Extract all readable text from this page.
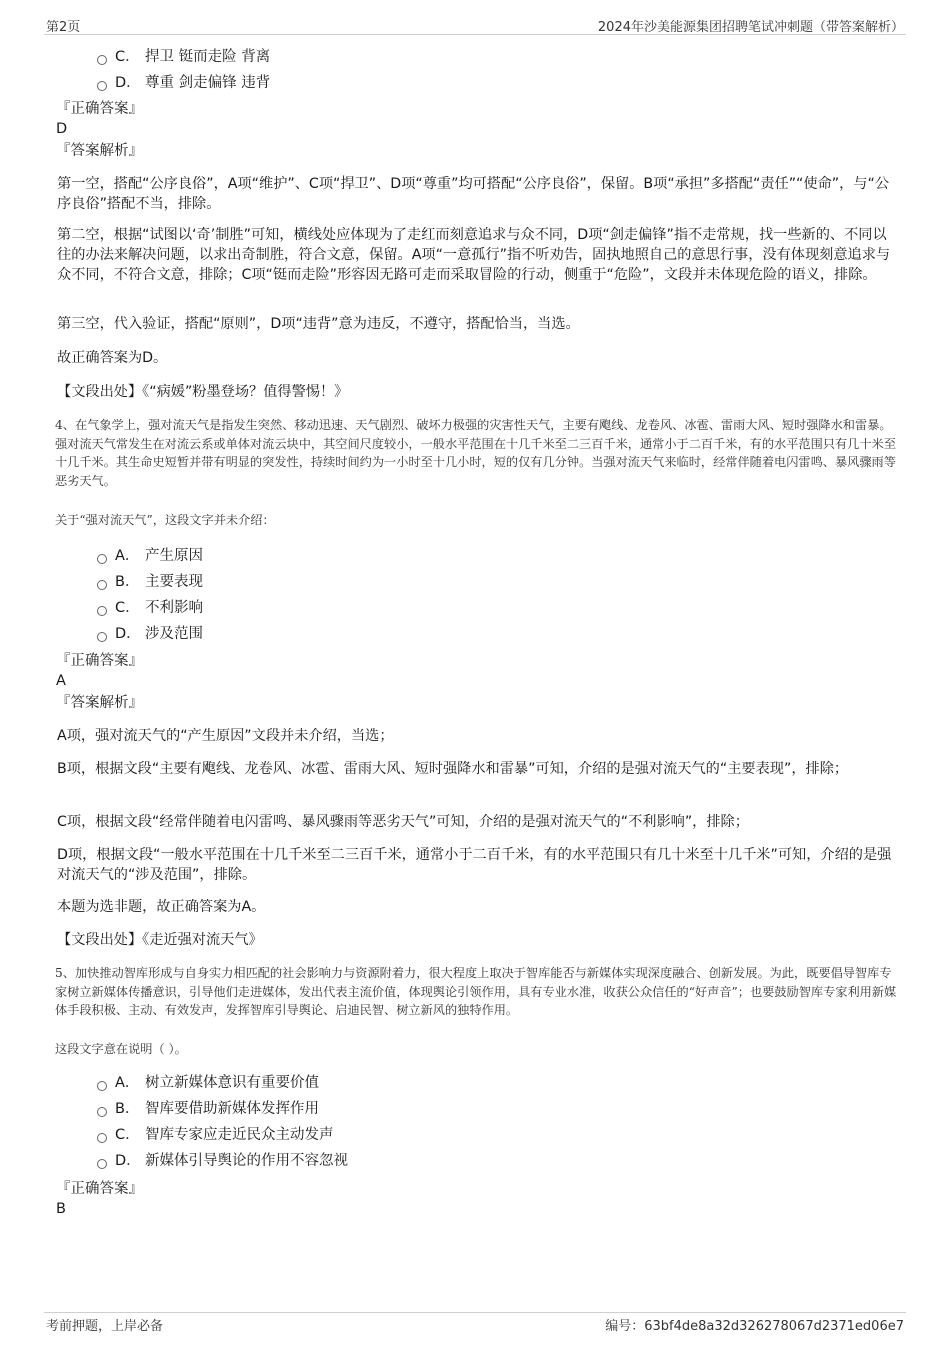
第2页	2024年沙美能源集团招聘笔试冲刺题（带答案解析）
C． 捍卫 铤而走险 背离
D． 尊重 剑走偏锋 违背
『正确答案』
D
『答案解析』
第一空，搭配“公序良俗”，A项“维护”、C项“捍卫”、D项“尊重”均可搭配“公序良俗”，保留。B项“承担”多搭配“责任”“使命”，与“公序良俗”搭配不当，排除。
第二空，根据“试图以‘奇’制胜”可知，横线处应体现为了走红而刻意追求与众不同，D项“剑走偏锋”指不走常规，找一些新的、不同以往的办法来解决问题，以求出奇制胜，符合文意，保留。A项“一意孤行”指不听劝告，固执地照自己的意思行事，没有体现刻意追求与众不同，不符合文意，排除；C项“铤而走险”形容因无路可走而采取冒险的行动，侧重于“危险”，文段并未体现危险的语义，排除。
第三空，代入验证，搭配“原则”，D项“违背”意为违反，不遵守，搭配恰当，当选。
故正确答案为D。
【文段出处】《“病媛”粉墨登场？值得警惕！》
4、在气象学上，强对流天气是指发生突然、移动迅速、天气剧烈、破坏力极强的灾害性天气，主要有飑线、龙卷风、冰雹、雷雨大风、短时强降水和雷暴。强对流天气常发生在对流云系或单体对流云块中，其空间尺度较小，一般水平范围在十几千米至二三百千米，通常小于二百千米，有的水平范围只有几十米至十几千米。其生命史短暂并带有明显的突发性，持续时间约为一小时至十几小时，短的仅有几分钟。当强对流天气来临时，经常伴随着电闪雷鸣、暴风骤雨等恶劣天气。
关于“强对流天气”，这段文字并未介绍：
A． 产生原因
B． 主要表现
C． 不利影响
D． 涉及范围
『正确答案』
A
『答案解析』
A项，强对流天气的“产生原因”文段并未介绍，当选；
B项，根据文段“主要有飑线、龙卷风、冰雹、雷雨大风、短时强降水和雷暴”可知，介绍的是强对流天气的“主要表现”，排除；
C项，根据文段“经常伴随着电闪雷鸣、暴风骤雨等恶劣天气”可知，介绍的是强对流天气的“不利影响”，排除；
D项，根据文段“一般水平范围在十几千米至二三百千米，通常小于二百千米，有的水平范围只有几十米至十几千米”可知，介绍的是强对流天气的“涉及范围”，排除。
本题为选非题，故正确答案为A。
【文段出处】《走近强对流天气》
5、加快推动智库形成与自身实力相匹配的社会影响力与资源附着力，很大程度上取决于智库能否与新媒体实现深度融合、创新发展。为此，既要倡导智库专家树立新媒体传播意识，引导他们走进媒体，发出代表主流价值，体现舆论引领作用，具有专业水准，收获公众信任的“好声音”；也要鼓励智库专家利用新媒体手段积极、主动、有效发声，发挥智库引导舆论、启迪民智、树立新风的独特作用。
这段文字意在说明（ ）。
A． 树立新媒体意识有重要价值
B． 智库要借助新媒体发挥作用
C． 智库专家应走近民众主动发声
D． 新媒体引导舆论的作用不容忽视
『正确答案』
B
考前押题，上岸必备	编号：63bf4de8a32d326278067d2371ed06e7
